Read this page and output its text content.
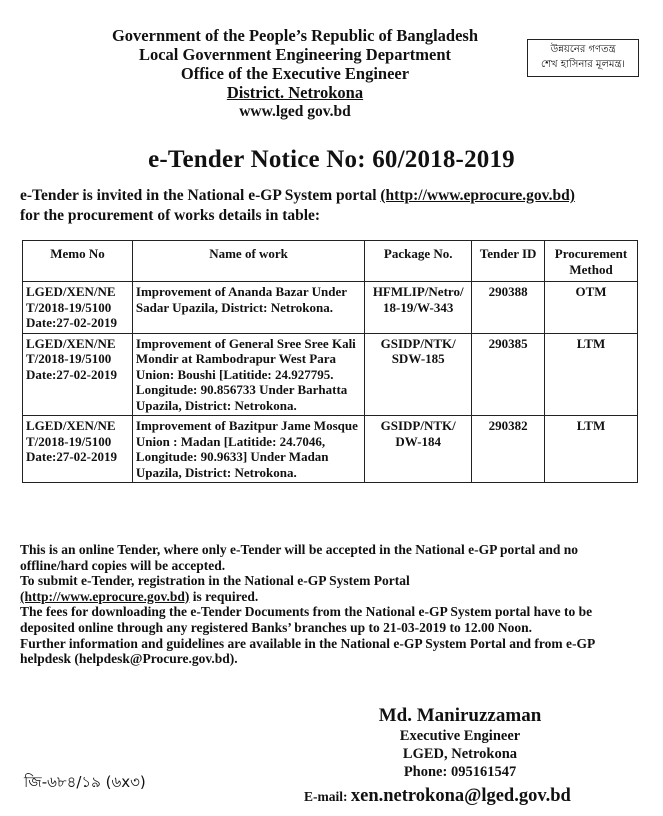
Government of the People’s Republic of Bangladesh
Local Government Engineering Department
Office of the Executive Engineer
District. Netrokona
www.lged gov.bd
উন্নয়নের গণতন্ত্র
শেখ হাসিনার মূলমন্ত্র।
e-Tender Notice No: 60/2018-2019
e-Tender is invited in the National e-GP System portal (http://www.eprocure.gov.bd)
for the procurement of works details in table:
Memo No	Name of work	Package No.	Tender ID	Procurement Method
LGED/XEN/NE T/2018-19/5100 Date:27-02-2019	Improvement of Ananda Bazar Under Sadar Upazila, District: Netrokona.	HFMLIP/Netro/ 18-19/W-343	290388	OTM
LGED/XEN/NE T/2018-19/5100 Date:27-02-2019	Improvement of General Sree Sree Kali Mondir at Rambodrapur West Para Union: Boushi [Latitide: 24.927795. Longitude: 90.856733 Under Barhatta Upazila, District: Netrokona.	GSIDP/NTK/ SDW-185	290385	LTM
LGED/XEN/NE T/2018-19/5100 Date:27-02-2019	Improvement of Bazitpur Jame Mosque Union : Madan [Latitide: 24.7046, Longitude: 90.9633] Under Madan Upazila, District: Netrokona.	GSIDP/NTK/ DW-184	290382	LTM

This is an online Tender, where only e-Tender will be accepted in the National e-GP portal and no offline/hard copies will be accepted.

To submit e-Tender, registration in the National e-GP System Portal
(http://www.eprocure.gov.bd) is required.

The fees for downloading the e-Tender Documents from the National e-GP System portal have to be deposited online through any registered Banks’ branches up to 21-03-2019 to 12.00 Noon.

Further information and guidelines are available in the National e-GP System Portal and from e-GP helpdesk (helpdesk@Procure.gov.bd).

Md. Maniruzzaman
Executive Engineer
LGED, Netrokona
Phone: 095161547
E-mail: xen.netrokona@lged.gov.bd
জি-৬৮৪/১৯ (৬x৩)
